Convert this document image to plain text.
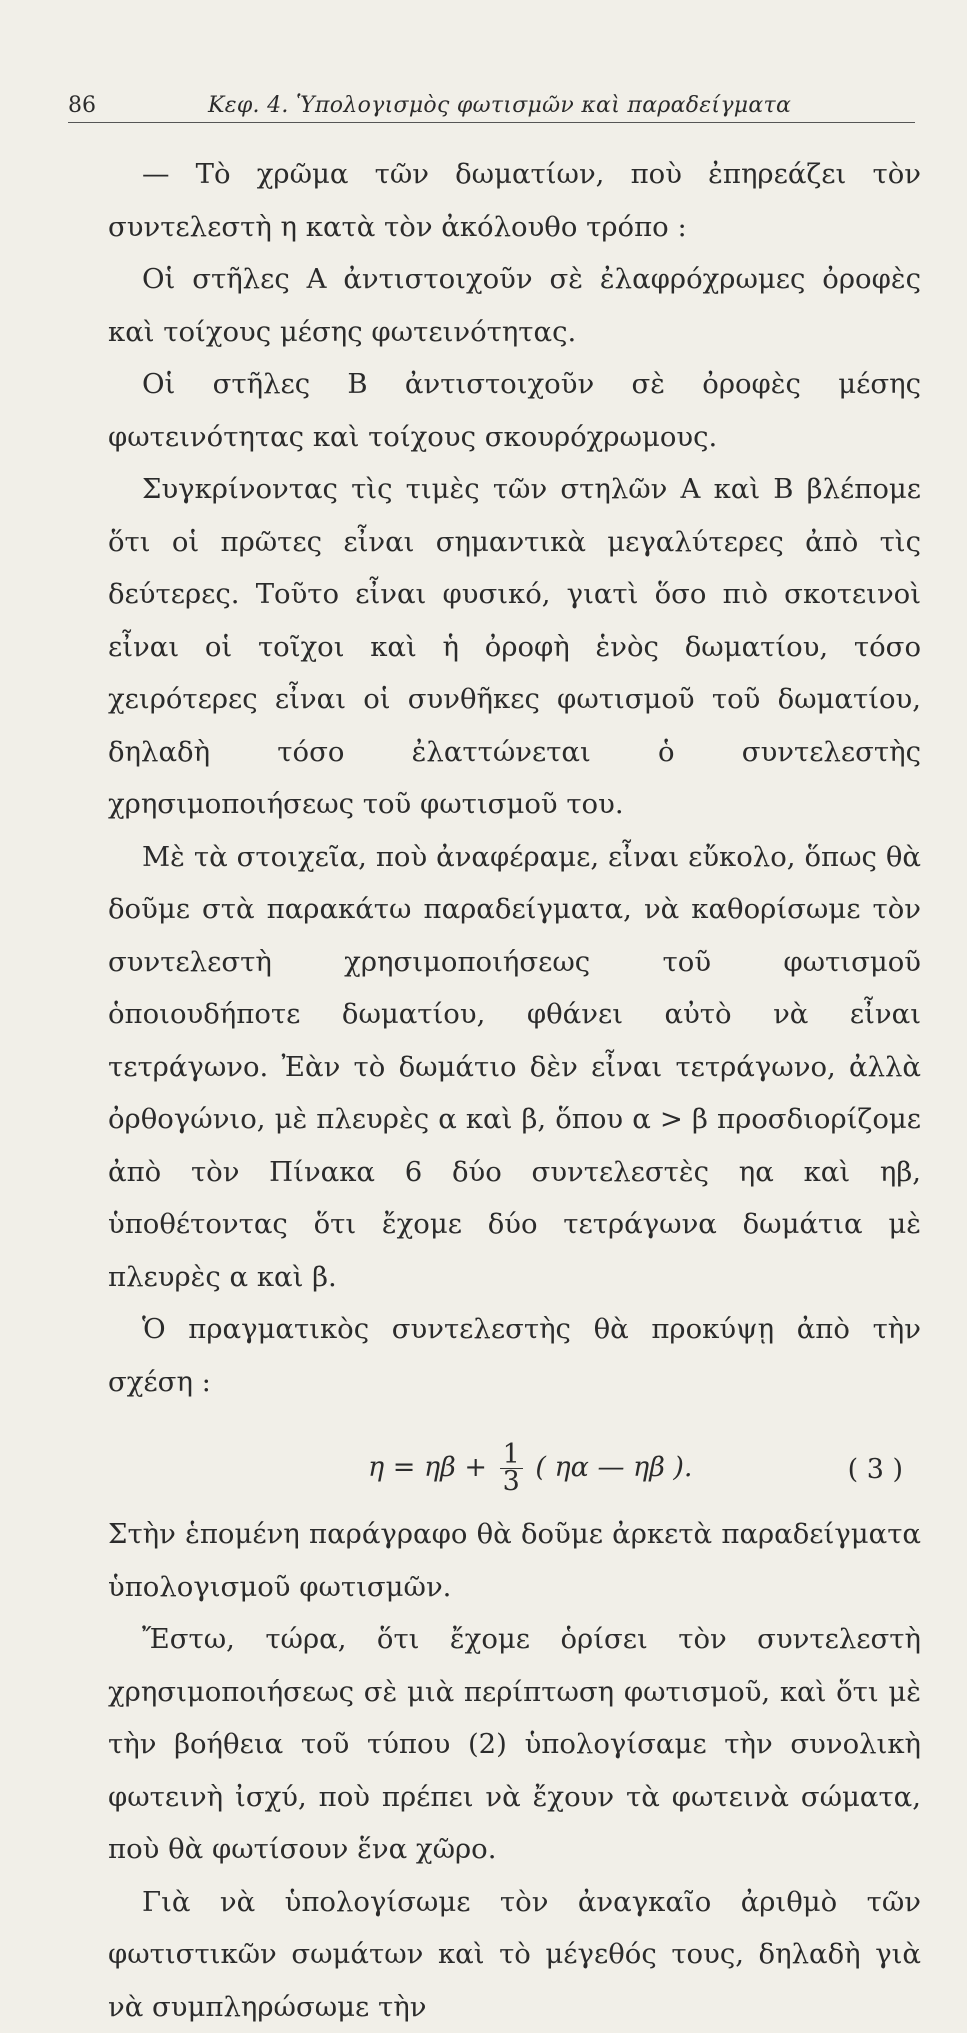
86	Κεφ. 4. Ὑπολογισμὸς φωτισμῶν καὶ παραδείγματα

— Τὸ χρῶμα τῶν δωματίων, ποὺ ἐπηρεάζει τὸν συντελεστὴ η κατὰ τὸν ἀκόλουθο τρόπο :

Οἱ στῆλες Α ἀντιστοιχοῦν σὲ ἐλαφρόχρωμες ὀροφὲς καὶ τοίχους μέσης φωτεινότητας.

Οἱ στῆλες Β ἀντιστοιχοῦν σὲ ὀροφὲς μέσης φωτεινότητας καὶ τοίχους σκουρόχρωμους.

Συγκρίνοντας τὶς τιμὲς τῶν στηλῶν Α καὶ Β βλέπομε ὅτι οἱ πρῶτες εἶναι σημαντικὰ μεγαλύτερες ἀπὸ τὶς δεύτερες. Τοῦτο εἶναι φυσικό, γιατὶ ὅσο πιὸ σκοτεινοὶ εἶναι οἱ τοῖχοι καὶ ἡ ὀροφὴ ἑνὸς δωματίου, τόσο χειρότερες εἶναι οἱ συνθῆκες φωτισμοῦ τοῦ δωματίου, δηλαδὴ τόσο ἐλαττώνεται ὁ συντελεστὴς χρησιμοποιήσεως τοῦ φωτισμοῦ του.

Μὲ τὰ στοιχεῖα, ποὺ ἀναφέραμε, εἶναι εὔκολο, ὅπως θὰ δοῦμε στὰ παρακάτω παραδείγματα, νὰ καθορίσωμε τὸν συντελεστὴ χρησιμοποιήσεως τοῦ φωτισμοῦ ὁποιουδήποτε δωματίου, φθάνει αὐτὸ νὰ εἶναι τετράγωνο. Ἐὰν τὸ δωμάτιο δὲν εἶναι τετράγωνο, ἀλλὰ ὀρθογώνιο, μὲ πλευρὲς α καὶ β, ὅπου α > β προσδιορίζομε ἀπὸ τὸν Πίνακα 6 δύο συντελεστὲς ηα καὶ ηβ, ὑποθέτοντας ὅτι ἔχομε δύο τετράγωνα δωμάτια μὲ πλευρὲς α καὶ β.

Ὁ πραγματικὸς συντελεστὴς θὰ προκύψῃ ἀπὸ τὴν σχέση :

$\eta = \eta\beta + \frac{1}{3}$ ( ηα — ηβ ).	( 3 )

Στὴν ἑπομένη παράγραφο θὰ δοῦμε ἀρκετὰ παραδείγματα ὑπολογισμοῦ φωτισμῶν.

Ἔστω, τώρα, ὅτι ἔχομε ὁρίσει τὸν συντελεστὴ χρησιμοποιήσεως σὲ μιὰ περίπτωση φωτισμοῦ, καὶ ὅτι μὲ τὴν βοήθεια τοῦ τύπου (2) ὑπολογίσαμε τὴν συνολικὴ φωτεινὴ ἰσχύ, ποὺ πρέπει νὰ ἔχουν τὰ φωτεινὰ σώματα, ποὺ θὰ φωτίσουν ἕνα χῶρο.

Γιὰ νὰ ὑπολογίσωμε τὸν ἀναγκαῖο ἀριθμὸ τῶν φωτιστικῶν σωμάτων καὶ τὸ μέγεθός τους, δηλαδὴ γιὰ νὰ συμπληρώσωμε τὴν
